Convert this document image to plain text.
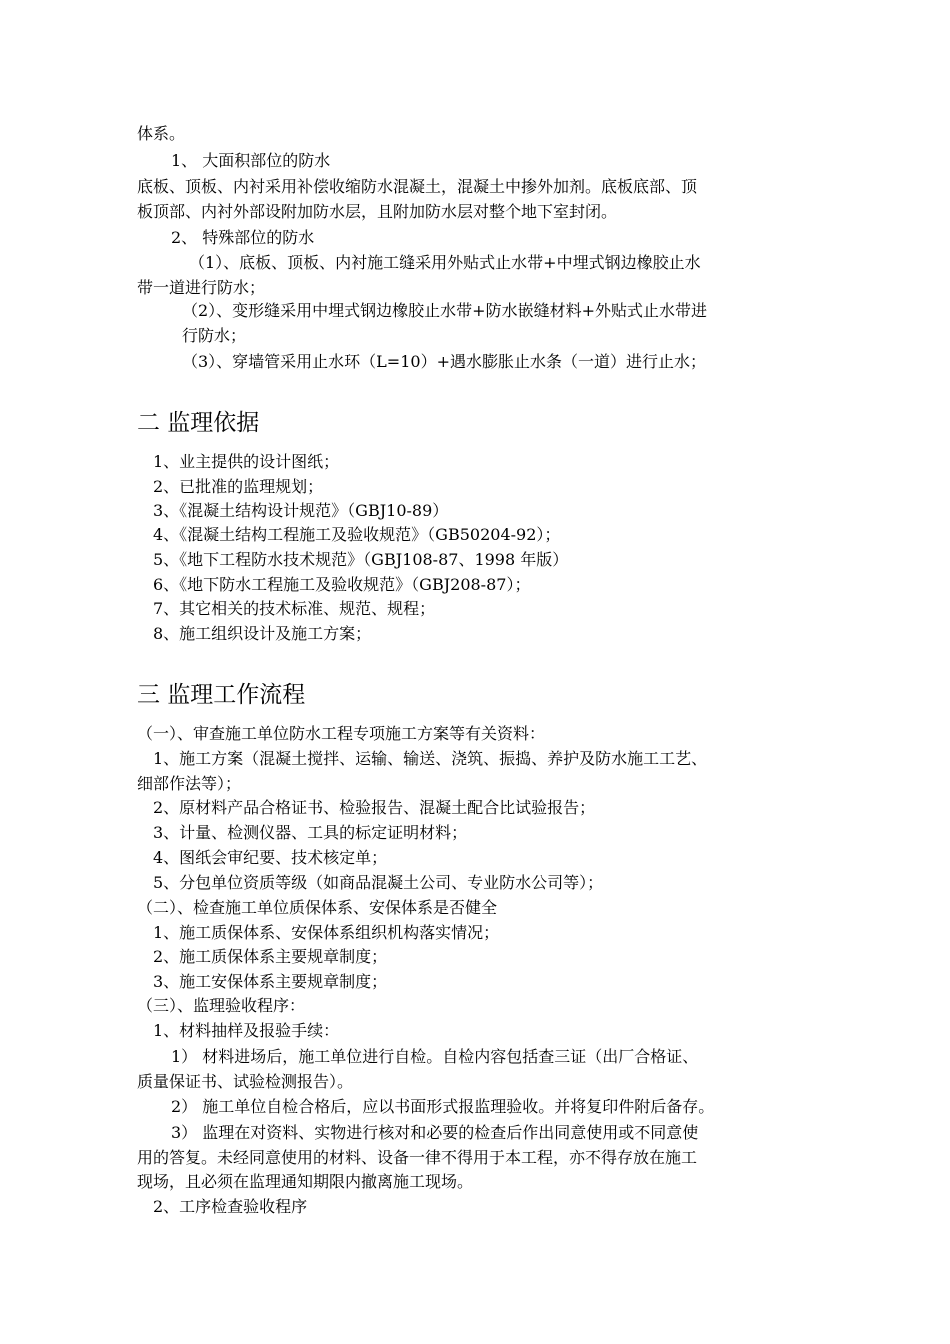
体系。
1、 大面积部位的防水
底板、顶板、内衬采用补偿收缩防水混凝土，混凝土中掺外加剂。底板底部、顶
板顶部、内衬外部设附加防水层，且附加防水层对整个地下室封闭。
2、 特殊部位的防水
（1）、底板、顶板、内衬施工缝采用外贴式止水带+中埋式钢边橡胶止水
带一道进行防水；
（2）、变形缝采用中埋式钢边橡胶止水带+防水嵌缝材料+外贴式止水带进
行防水；
（3）、穿墙管采用止水环（L=10）+遇水膨胀止水条（一道）进行止水；
二 监理依据
1、业主提供的设计图纸；
2、已批准的监理规划；
3、《混凝土结构设计规范》（GBJ10-89）
4、《混凝土结构工程施工及验收规范》（GB50204-92）；
5、《地下工程防水技术规范》（GBJ108-87、1998 年版）
6、《地下防水工程施工及验收规范》（GBJ208-87）；
7、其它相关的技术标准、规范、规程；
8、施工组织设计及施工方案；
三 监理工作流程
（一）、审查施工单位防水工程专项施工方案等有关资料：
1、施工方案（混凝土搅拌、运输、输送、浇筑、振捣、养护及防水施工工艺、
细部作法等）；
2、原材料产品合格证书、检验报告、混凝土配合比试验报告；
3、计量、检测仪器、工具的标定证明材料；
4、图纸会审纪要、技术核定单；
5、分包单位资质等级（如商品混凝土公司、专业防水公司等）；
（二）、检查施工单位质保体系、安保体系是否健全
1、施工质保体系、安保体系组织机构落实情况；
2、施工质保体系主要规章制度；
3、施工安保体系主要规章制度；
（三）、监理验收程序：
1、材料抽样及报验手续：
1） 材料进场后，施工单位进行自检。自检内容包括查三证（出厂合格证、
质量保证书、试验检测报告）。
2） 施工单位自检合格后，应以书面形式报监理验收。并将复印件附后备存。
3） 监理在对资料、实物进行核对和必要的检查后作出同意使用或不同意使
用的答复。未经同意使用的材料、设备一律不得用于本工程，亦不得存放在施工
现场，且必须在监理通知期限内撤离施工现场。
2、工序检查验收程序
